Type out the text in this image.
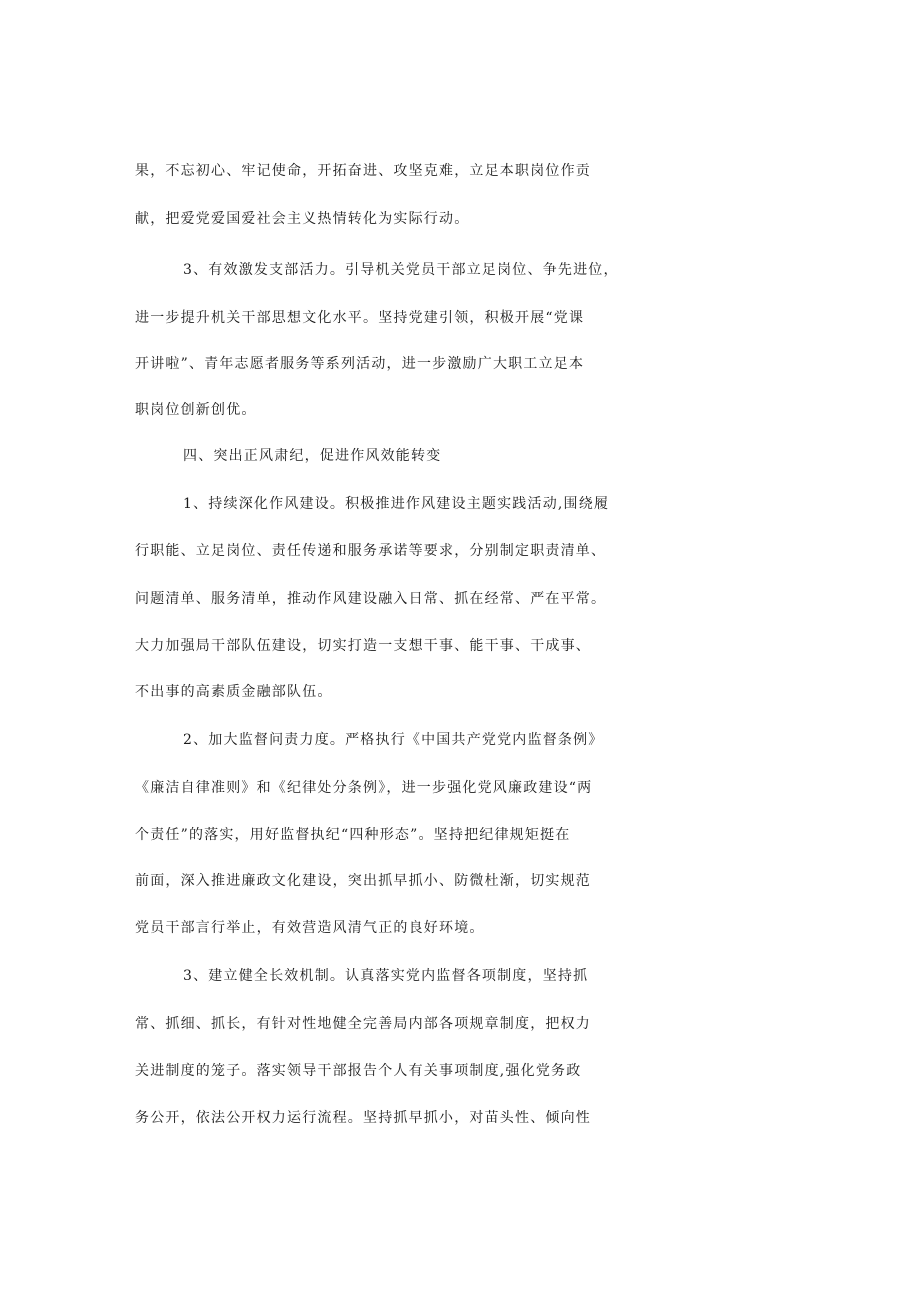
果，不忘初心、牢记使命，开拓奋进、攻坚克难，立足本职岗位作贡
献，把爱党爱国爱社会主义热情转化为实际行动。
3、有效激发支部活力。引导机关党员干部立足岗位、争先进位，
进一步提升机关干部思想文化水平。坚持党建引领，积极开展“党课
开讲啦”、青年志愿者服务等系列活动，进一步激励广大职工立足本
职岗位创新创优。
四、突出正风肃纪，促进作风效能转变
1、持续深化作风建设。积极推进作风建设主题实践活动,围绕履
行职能、立足岗位、责任传递和服务承诺等要求，分别制定职责清单、
问题清单、服务清单，推动作风建设融入日常、抓在经常、严在平常。
大力加强局干部队伍建设，切实打造一支想干事、能干事、干成事、
不出事的高素质金融部队伍。
2、加大监督问责力度。严格执行《中国共产党党内监督条例》
《廉洁自律准则》和《纪律处分条例》，进一步强化党风廉政建设“两
个责任”的落实，用好监督执纪“四种形态”。坚持把纪律规矩挺在
前面，深入推进廉政文化建设，突出抓早抓小、防微杜渐，切实规范
党员干部言行举止，有效营造风清气正的良好环境。
3、建立健全长效机制。认真落实党内监督各项制度，坚持抓
常、抓细、抓长，有针对性地健全完善局内部各项规章制度，把权力
关进制度的笼子。落实领导干部报告个人有关事项制度,强化党务政
务公开，依法公开权力运行流程。坚持抓早抓小，对苗头性、倾向性
